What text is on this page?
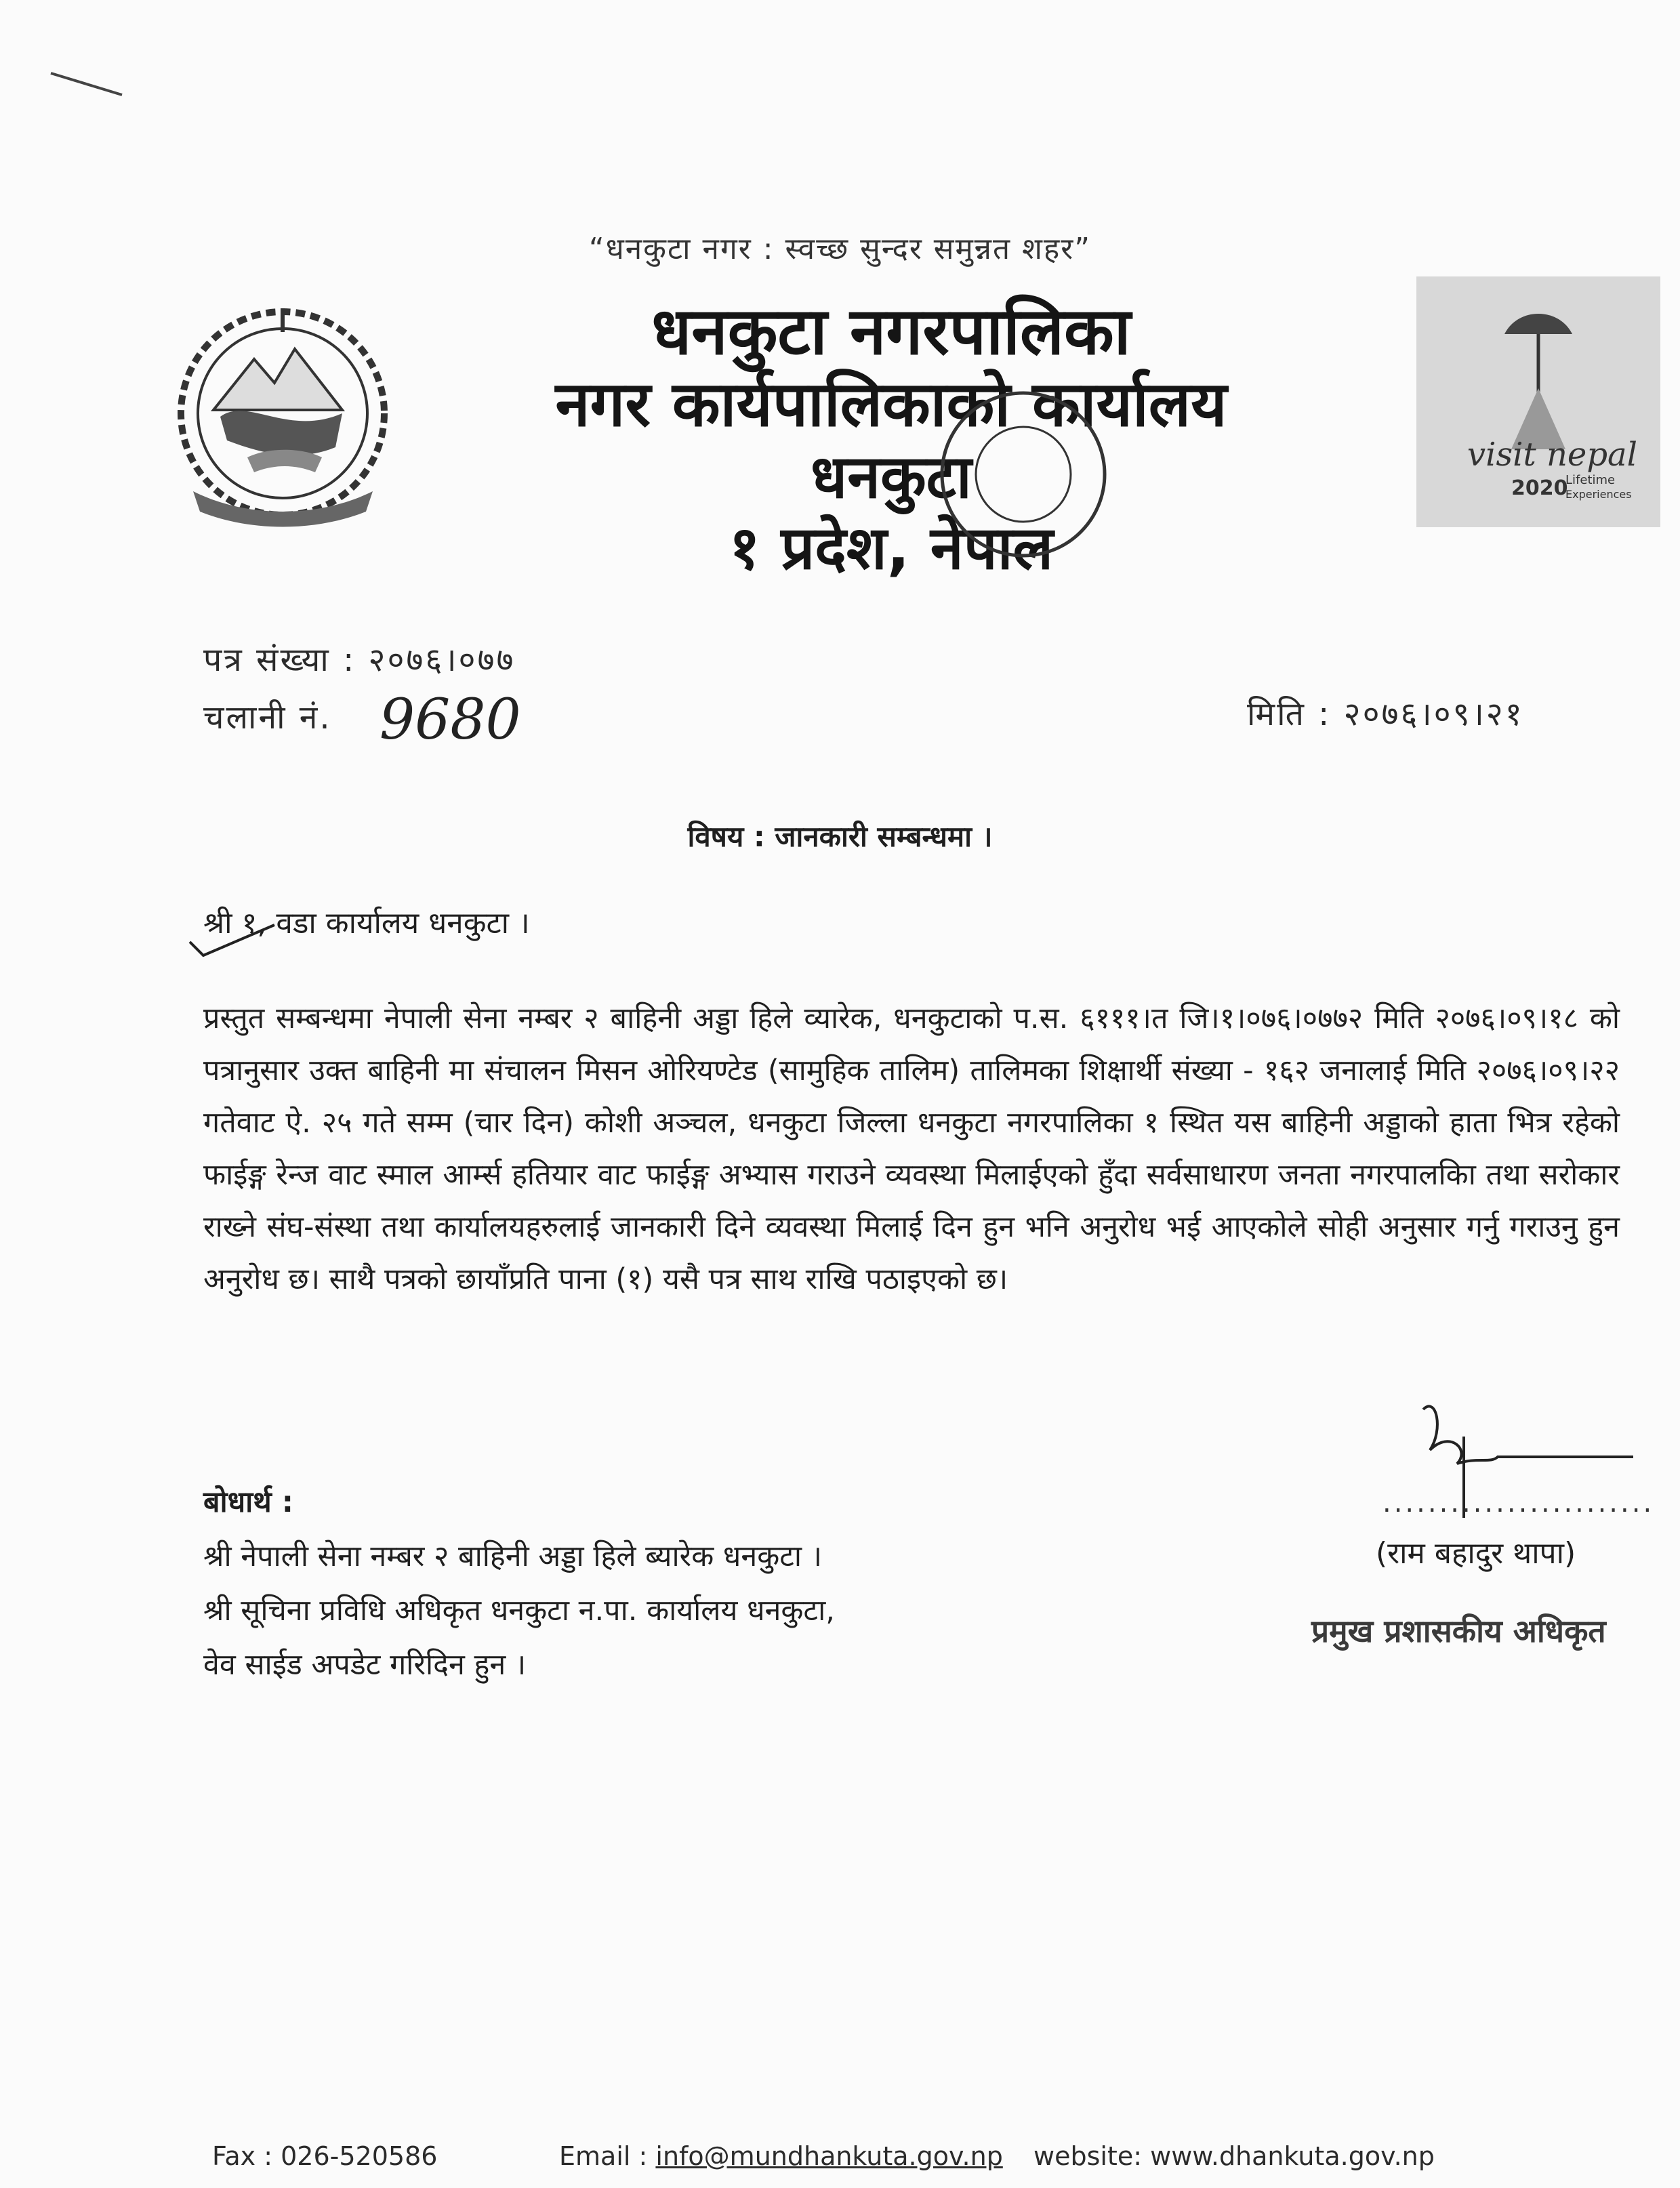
“धनकुटा नगर : स्वच्छ सुन्दर समुन्नत शहर”
धनकुटा नगरपालिका
नगर कार्यपालिकाको कार्यालय
धनकुटा
१ प्रदेश, नेपाल
visit nepal
2020
Lifetime
Experiences
पत्र संख्या : २०७६।०७७
चलानी नं. 9680	मिति : २०७६।०९।२१
विषय : जानकारी सम्बन्धमा ।
श्री १, वडा कार्यालय धनकुटा ।
प्रस्तुत सम्बन्धमा नेपाली सेना नम्बर २ बाहिनी अड्डा हिले व्यारेक, धनकुटाको प.स. ६१११।त जि।१।०७६।०७७२ मिति २०७६।०९।१८ को पत्रानुसार उक्त बाहिनी मा संचालन मिसन ओरियण्टेड (सामुहिक तालिम) तालिमका शिक्षार्थी संख्या - १६२ जनालाई मिति २०७६।०९।२२ गतेवाट ऐ. २५ गते सम्म (चार दिन) कोशी अञ्चल, धनकुटा जिल्ला धनकुटा नगरपालिका १ स्थित यस बाहिनी अड्डाको हाता भित्र रहेको फाईङ्ग रेन्ज वाट स्माल आर्म्स हतियार वाट फाईङ्ग अभ्यास गराउने व्यवस्था मिलाईएको हुँदा सर्वसाधारण जनता नगरपालकिा तथा सरोकार राख्ने संघ-संस्था तथा कार्यालयहरुलाई जानकारी दिने व्यवस्था मिलाई दिन हुन भनि अनुरोध भई आएकोले सोही अनुसार गर्नु गराउनु हुन अनुरोध छ। साथै पत्रको छायाँप्रति पाना (१) यसै पत्र साथ राखि पठाइएको छ।
बोधार्थ :
श्री नेपाली सेना नम्बर २ बाहिनी अड्डा हिले ब्यारेक धनकुटा ।
श्री सूचिना प्रविधि अधिकृत धनकुटा न.पा. कार्यालय धनकुटा,
वेव साईड अपडेट गरिदिन हुन ।
........................
(राम बहादुर थापा)
प्रमुख प्रशासकीय अधिकृत
Fax : 026-520586	Email : info@mundhankuta.gov.np website: www.dhankuta.gov.np
